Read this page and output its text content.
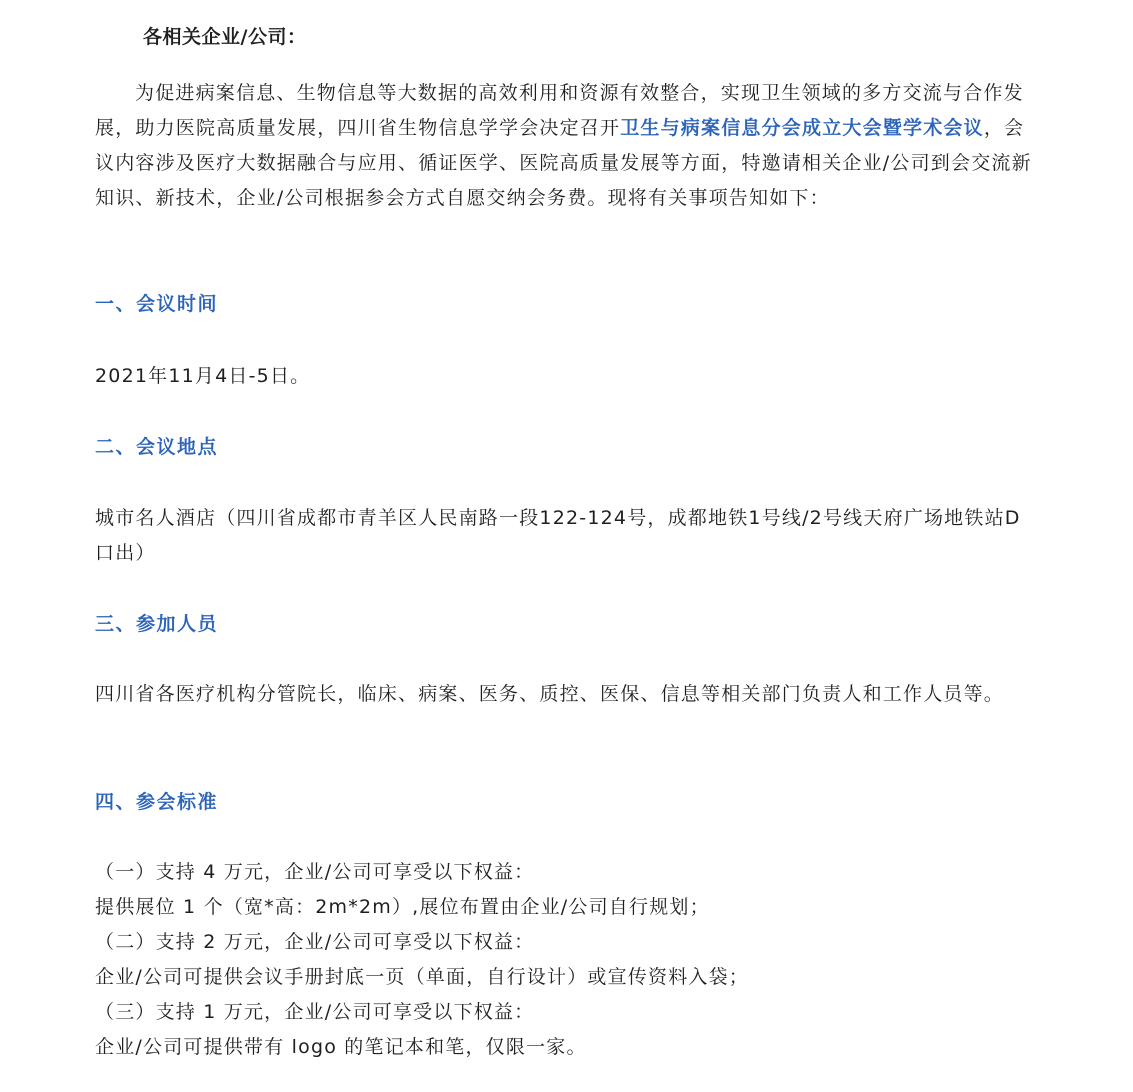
各相关企业/公司：

为促进病案信息、生物信息等大数据的高效利用和资源有效整合，实现卫生领域的多方交流与合作发展，助力医院高质量发展，四川省生物信息学学会决定召开卫生与病案信息分会成立大会暨学术会议，会议内容涉及医疗大数据融合与应用、循证医学、医院高质量发展等方面，特邀请相关企业/公司到会交流新知识、新技术，企业/公司根据参会方式自愿交纳会务费。现将有关事项告知如下：

一、会议时间

2021年11月4日-5日。

二、会议地点

城市名人酒店（四川省成都市青羊区人民南路一段122-124号，成都地铁1号线/2号线天府广场地铁站D口出）

三、参加人员

四川省各医疗机构分管院长，临床、病案、医务、质控、医保、信息等相关部门负责人和工作人员等。

四、参会标准

（一）支持 4 万元，企业/公司可享受以下权益：

提供展位 1 个（宽*高：2m*2m）,展位布置由企业/公司自行规划；

（二）支持 2 万元，企业/公司可享受以下权益：

企业/公司可提供会议手册封底一页（单面，自行设计）或宣传资料入袋；

（三）支持 1 万元，企业/公司可享受以下权益：

企业/公司可提供带有 logo 的笔记本和笔，仅限一家。
